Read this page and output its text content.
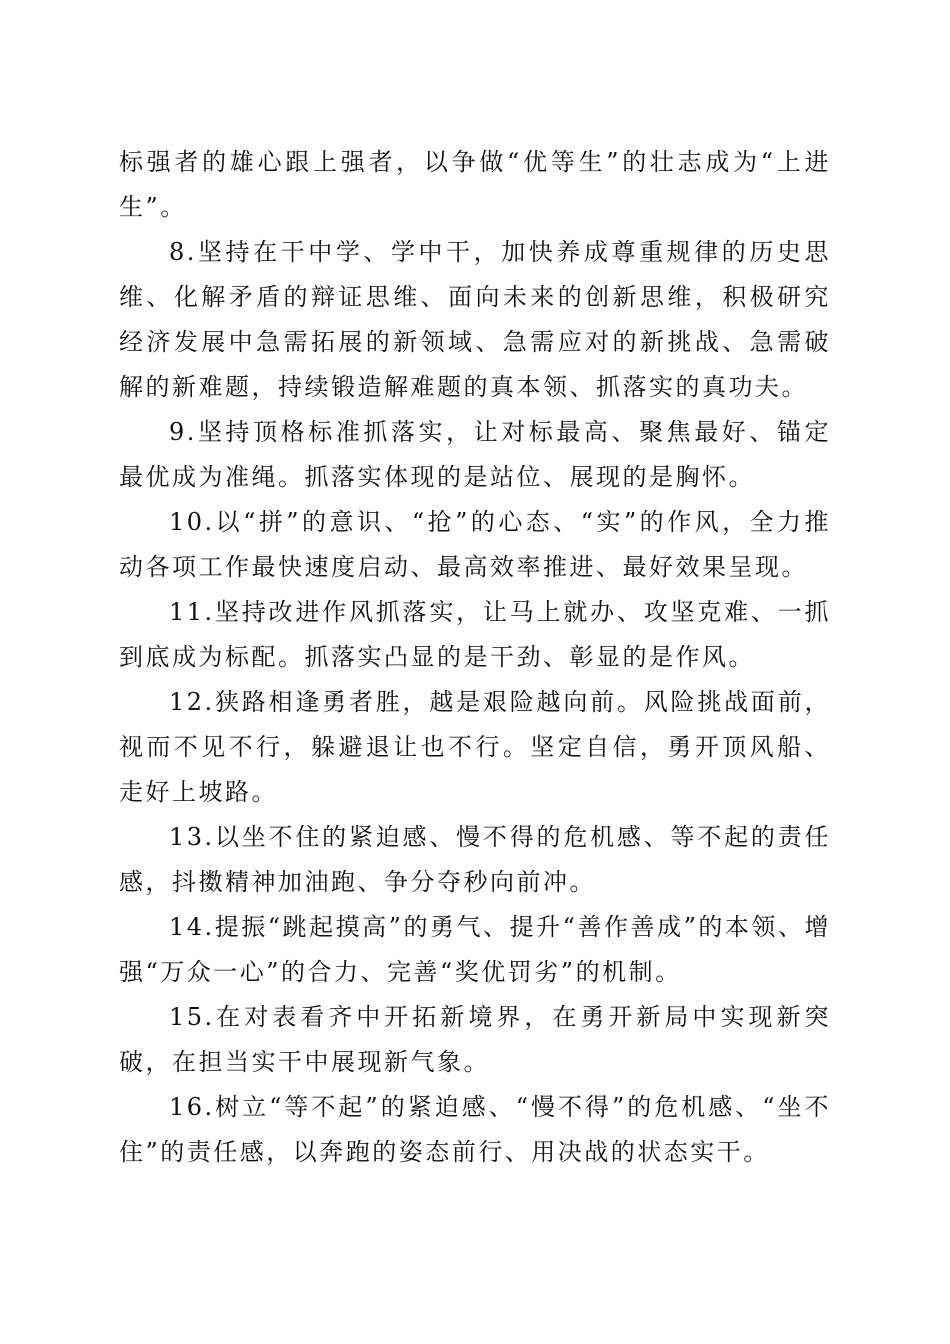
标强者的雄心跟上强者，以争做“优等生”的壮志成为“上进生”。

8.坚持在干中学、学中干，加快养成尊重规律的历史思维、化解矛盾的辩证思维、面向未来的创新思维，积极研究经济发展中急需拓展的新领域、急需应对的新挑战、急需破解的新难题，持续锻造解难题的真本领、抓落实的真功夫。

9.坚持顶格标准抓落实，让对标最高、聚焦最好、锚定最优成为准绳。抓落实体现的是站位、展现的是胸怀。

10.以“拼”的意识、“抢”的心态、“实”的作风，全力推动各项工作最快速度启动、最高效率推进、最好效果呈现。

11.坚持改进作风抓落实，让马上就办、攻坚克难、一抓到底成为标配。抓落实凸显的是干劲、彰显的是作风。

12.狭路相逢勇者胜，越是艰险越向前。风险挑战面前，视而不见不行，躲避退让也不行。坚定自信，勇开顶风船、走好上坡路。

13.以坐不住的紧迫感、慢不得的危机感、等不起的责任感，抖擞精神加油跑、争分夺秒向前冲。

14.提振“跳起摸高”的勇气、提升“善作善成”的本领、增强“万众一心”的合力、完善“奖优罚劣”的机制。

15.在对表看齐中开拓新境界，在勇开新局中实现新突破，在担当实干中展现新气象。

16.树立“等不起”的紧迫感、“慢不得”的危机感、“坐不住”的责任感，以奔跑的姿态前行、用决战的状态实干。
